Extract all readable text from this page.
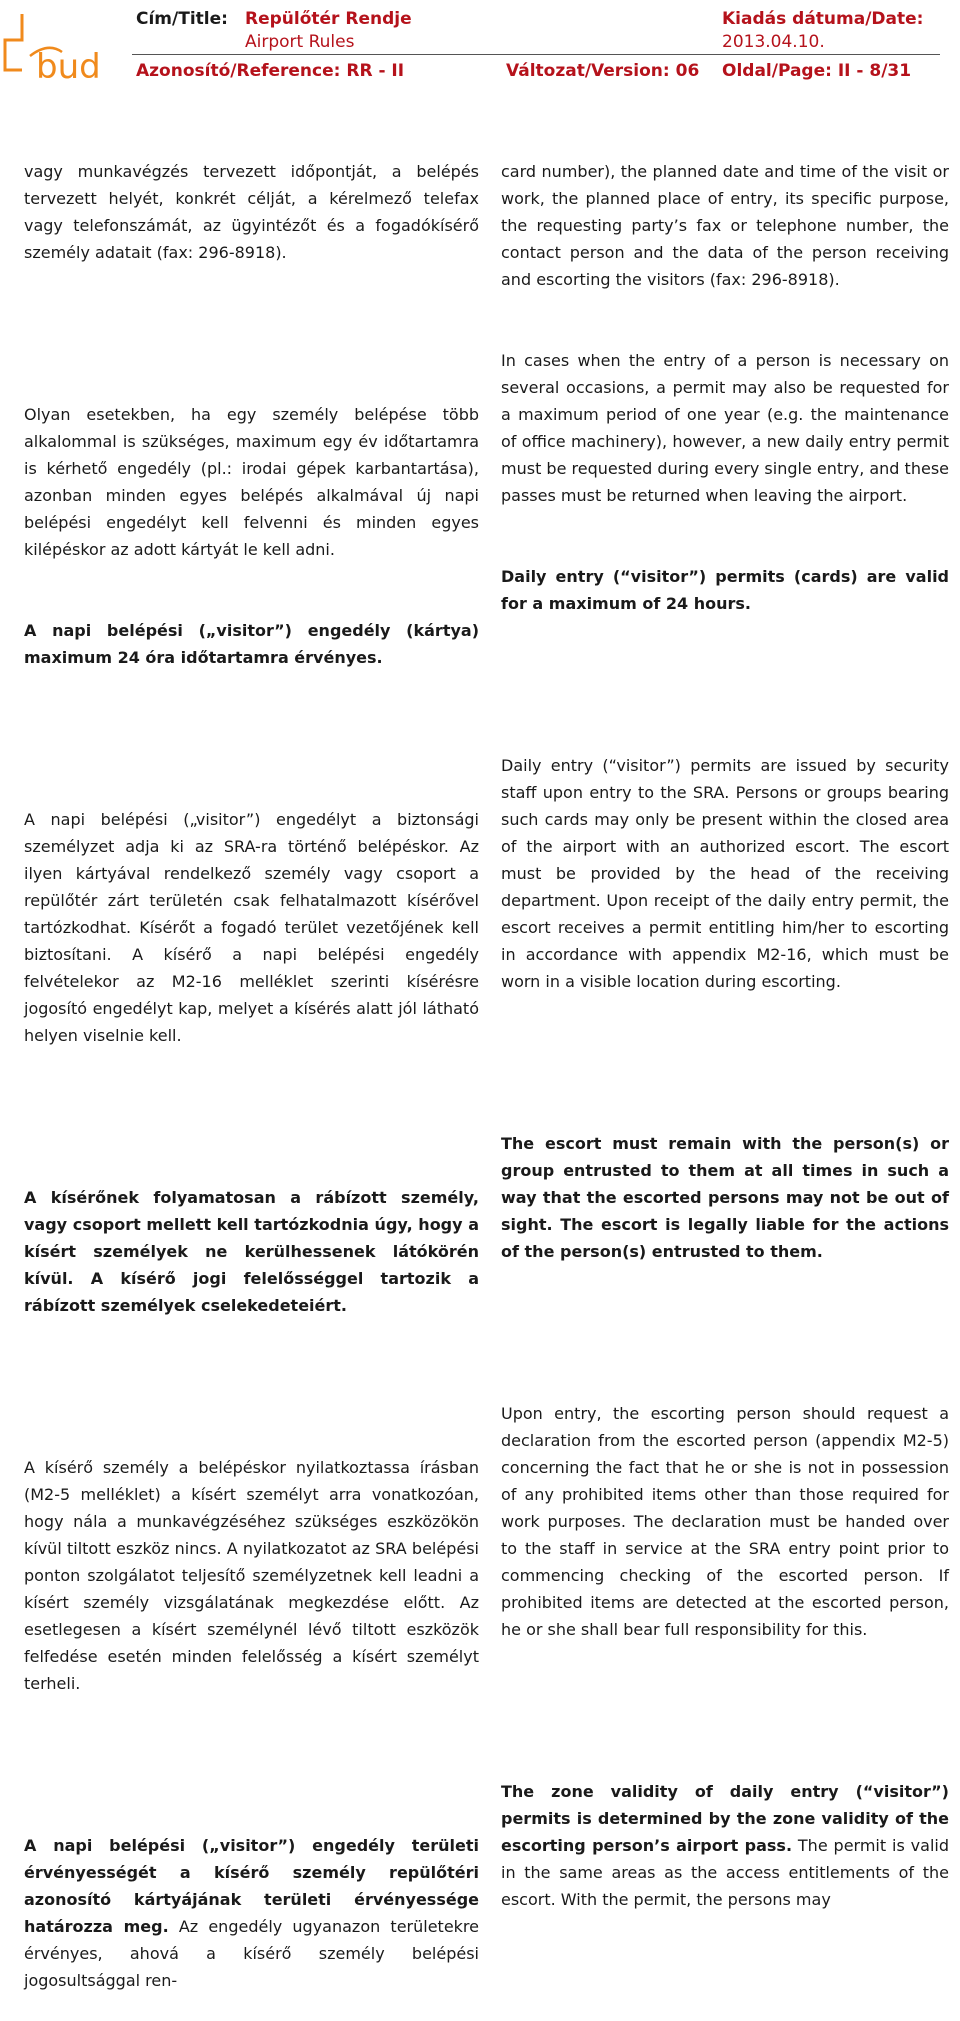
bud
Cím/Title: Repülőtér Rendje
Airport Rules
Kiadás dátuma/Date:
2013.04.10.
Azonosító/Reference: RR - II	Változat/Version: 06 Oldal/Page: II - 8/31

vagy munkavégzés tervezett időpontját, a belépés tervezett helyét, konkrét célját, a kérelmező telefax vagy telefonszámát, az ügyintézőt és a fogadókísérő személy adatait (fax: 296-8918).

Olyan esetekben, ha egy személy belépése több alkalommal is szükséges, maximum egy év időtartamra is kérhető engedély (pl.: irodai gépek karbantartása), azonban minden egyes belépés alkalmával új napi belépési engedélyt kell felvenni és minden egyes kilépéskor az adott kártyát le kell adni.

A napi belépési („visitor”) engedély (kártya) maximum 24 óra időtartamra érvényes.

A napi belépési („visitor”) engedélyt a biztonsági személyzet adja ki az SRA-ra történő belépéskor. Az ilyen kártyával rendelkező személy vagy csoport a repülőtér zárt területén csak felhatalmazott kísérővel tartózkodhat. Kísérőt a fogadó terület vezetőjének kell biztosítani. A kísérő a napi belépési engedély felvételekor az M2-16 melléklet szerinti kísérésre jogosító engedélyt kap, melyet a kísérés alatt jól látható helyen viselnie kell.

A kísérőnek folyamatosan a rábízott személy, vagy csoport mellett kell tartózkodnia úgy, hogy a kísért személyek ne kerülhessenek látókörén kívül. A kísérő jogi felelősséggel tartozik a rábízott személyek cselekedeteiért.

A kísérő személy a belépéskor nyilatkoztassa írásban (M2-5 melléklet) a kísért személyt arra vonatkozóan, hogy nála a munkavégzéséhez szükséges eszközökön kívül tiltott eszköz nincs. A nyilatkozatot az SRA belépési ponton szolgálatot teljesítő személyzetnek kell leadni a kísért személy vizsgálatának megkezdése előtt. Az esetlegesen a kísért személynél lévő tiltott eszközök felfedése esetén minden felelősség a kísért személyt terheli.

A napi belépési („visitor”) engedély területi érvényességét a kísérő személy repülőtéri azonosító kártyájának területi érvényessége határozza meg. Az engedély ugyanazon területekre érvényes, ahová a kísérő személy belépési jogosultsággal ren-

card number), the planned date and time of the visit or work, the planned place of entry, its specific purpose, the requesting party’s fax or telephone number, the contact person and the data of the person receiving and escorting the visitors (fax: 296-8918).

In cases when the entry of a person is necessary on several occasions, a permit may also be requested for a maximum period of one year (e.g. the maintenance of office machinery), however, a new daily entry permit must be requested during every single entry, and these passes must be returned when leaving the airport.

Daily entry (“visitor”) permits (cards) are valid for a maximum of 24 hours.

Daily entry (“visitor”) permits are issued by security staff upon entry to the SRA. Persons or groups bearing such cards may only be present within the closed area of the airport with an authorized escort. The escort must be provided by the head of the receiving department. Upon receipt of the daily entry permit, the escort receives a permit entitling him/her to escorting in accordance with appendix M2-16, which must be worn in a visible location during escorting.

The escort must remain with the person(s) or group entrusted to them at all times in such a way that the escorted persons may not be out of sight. The escort is legally liable for the actions of the person(s) entrusted to them.

Upon entry, the escorting person should request a declaration from the escorted person (appendix M2-5) concerning the fact that he or she is not in possession of any prohibited items other than those required for work purposes. The declaration must be handed over to the staff in service at the SRA entry point prior to commencing checking of the escorted person. If prohibited items are detected at the escorted person, he or she shall bear full responsibility for this.

The zone validity of daily entry (“visitor”) permits is determined by the zone validity of the escorting person’s airport pass. The permit is valid in the same areas as the access entitlements of the escort. With the permit, the persons may
